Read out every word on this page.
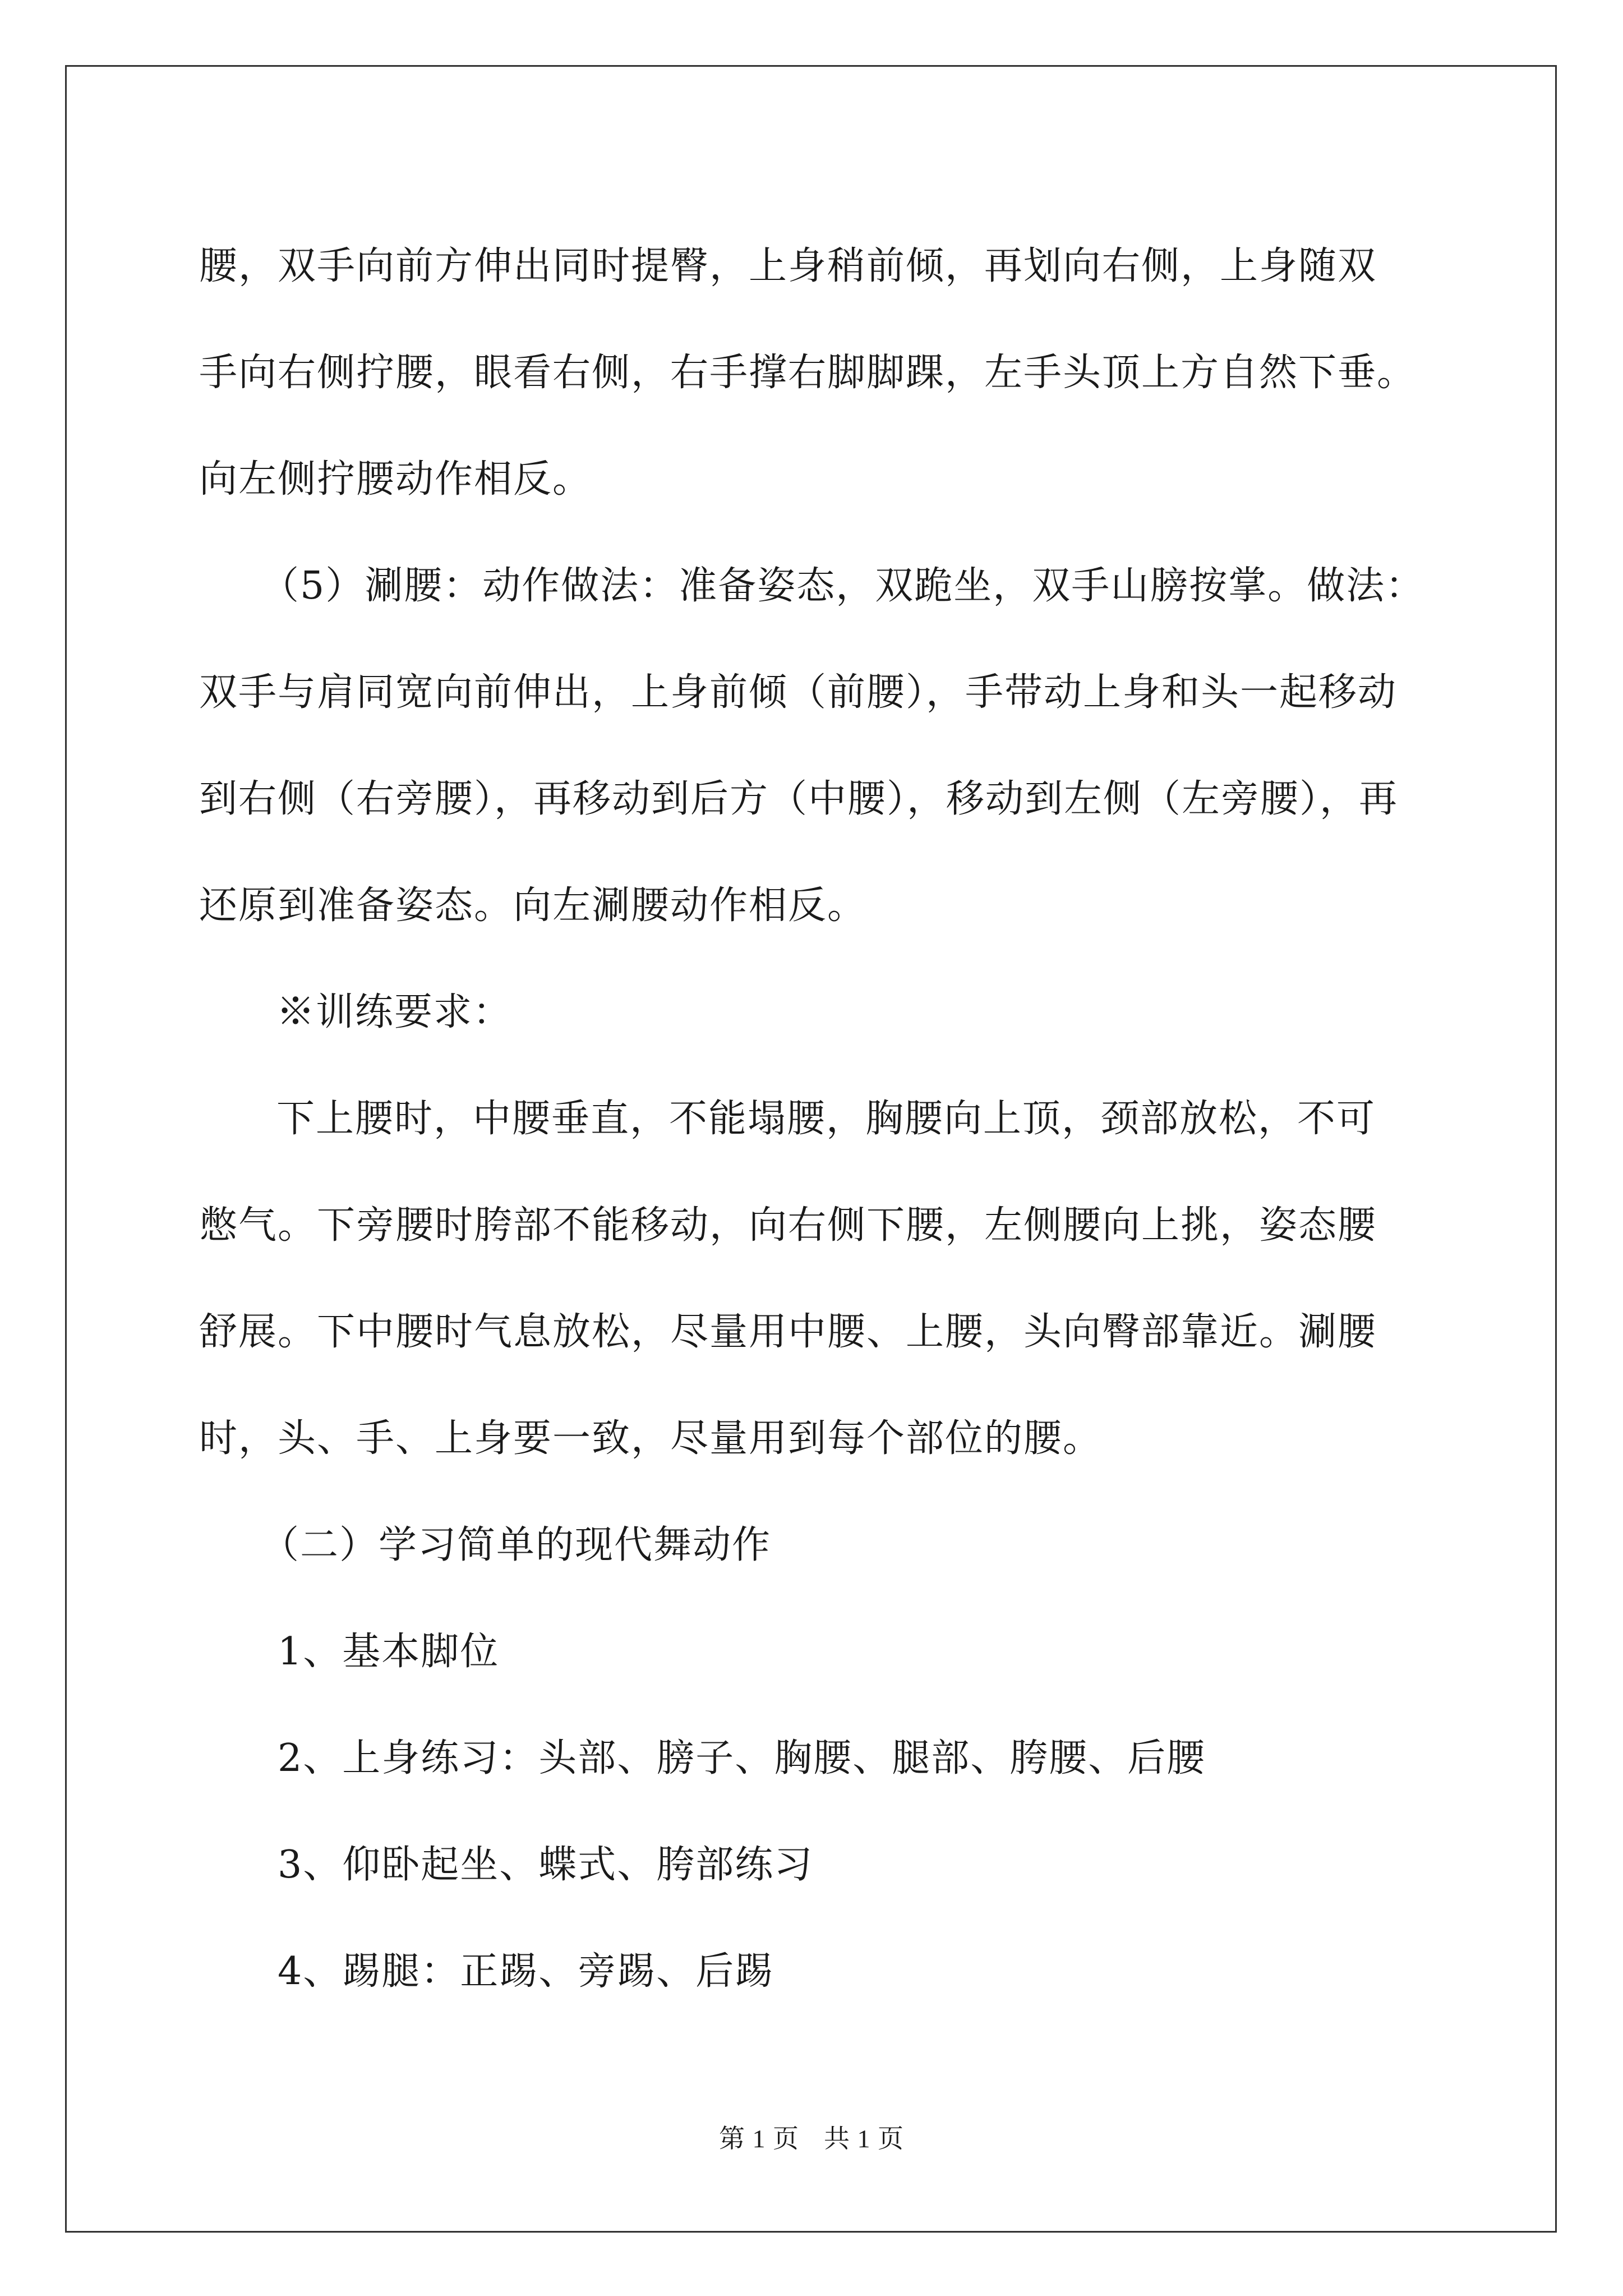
腰，双手向前方伸出同时提臀，上身稍前倾，再划向右侧，上身随双
手向右侧拧腰，眼看右侧，右手撑右脚脚踝，左手头顶上方自然下垂。
向左侧拧腰动作相反。
（5）涮腰：动作做法：准备姿态，双跪坐，双手山膀按掌。做法：
双手与肩同宽向前伸出，上身前倾（前腰），手带动上身和头一起移动
到右侧（右旁腰），再移动到后方（中腰），移动到左侧（左旁腰），再
还原到准备姿态。向左涮腰动作相反。
※训练要求：
下上腰时，中腰垂直，不能塌腰，胸腰向上顶，颈部放松，不可
憋气。下旁腰时胯部不能移动，向右侧下腰，左侧腰向上挑，姿态腰
舒展。下中腰时气息放松，尽量用中腰、上腰，头向臀部靠近。涮腰
时，头、手、上身要一致，尽量用到每个部位的腰。
（二）学习简单的现代舞动作
1、基本脚位
2、上身练习：头部、膀子、胸腰、腿部、胯腰、后腰
3、仰卧起坐、蝶式、胯部练习
4、踢腿：正踢、旁踢、后踢
第 1 页 共 1 页
